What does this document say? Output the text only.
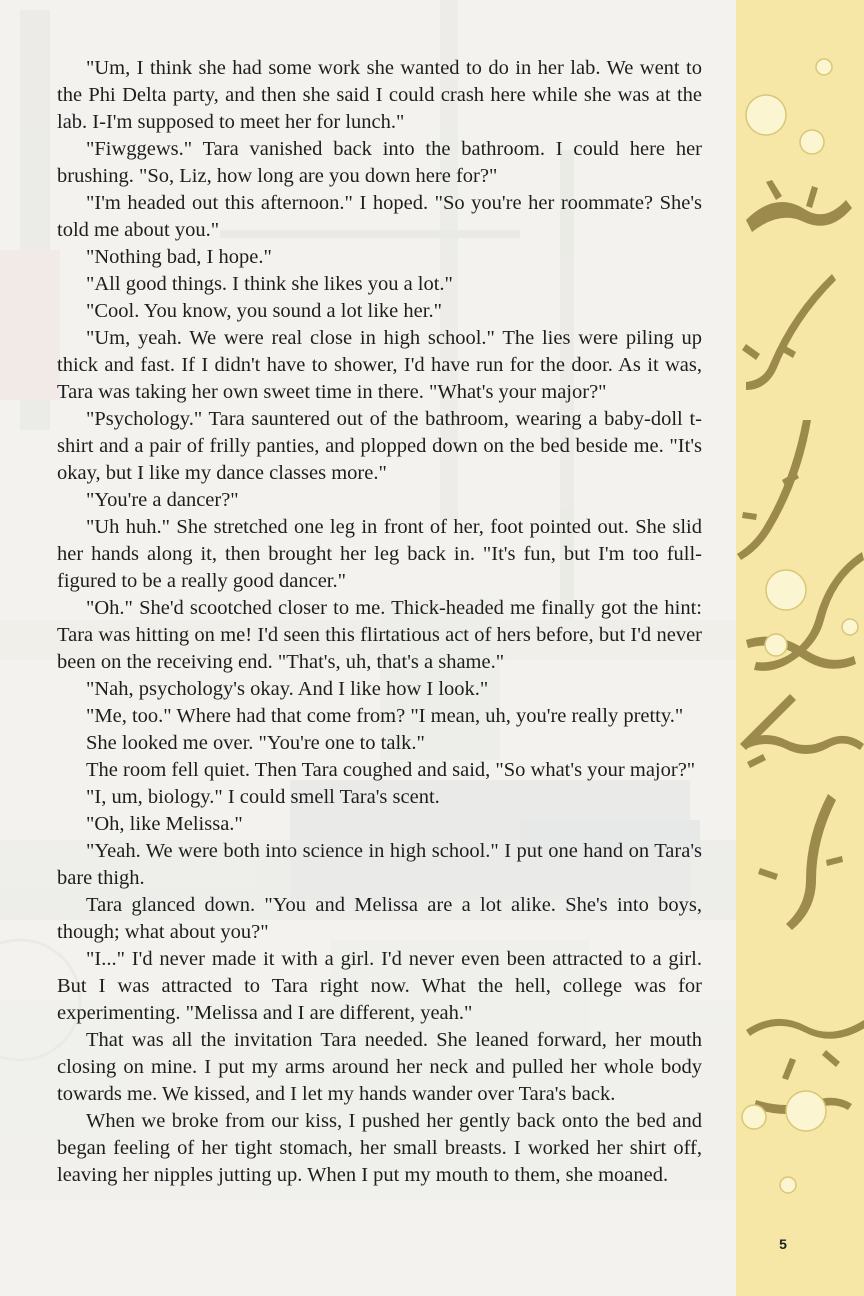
"Um, I think she had some work she wanted to do in her lab. We went to the Phi Delta party, and then she said I could crash here while she was at the lab. I-I'm supposed to meet her for lunch."

"Fiwggews." Tara vanished back into the bathroom. I could here her brushing. "So, Liz, how long are you down here for?"

"I'm headed out this afternoon." I hoped. "So you're her roommate? She's told me about you."

"Nothing bad, I hope."

"All good things. I think she likes you a lot."

"Cool. You know, you sound a lot like her."

"Um, yeah. We were real close in high school." The lies were piling up thick and fast. If I didn't have to shower, I'd have run for the door. As it was, Tara was taking her own sweet time in there. "What's your major?"

"Psychology." Tara sauntered out of the bathroom, wearing a baby-doll t-shirt and a pair of frilly panties, and plopped down on the bed beside me. "It's okay, but I like my dance classes more."

"You're a dancer?"

"Uh huh." She stretched one leg in front of her, foot pointed out. She slid her hands along it, then brought her leg back in. "It's fun, but I'm too full-figured to be a really good dancer."

"Oh." She'd scootched closer to me. Thick-headed me finally got the hint: Tara was hitting on me! I'd seen this flirtatious act of hers before, but I'd never been on the receiving end. "That's, uh, that's a shame."

"Nah, psychology's okay. And I like how I look."

"Me, too." Where had that come from? "I mean, uh, you're really pretty."

She looked me over. "You're one to talk."

The room fell quiet. Then Tara coughed and said, "So what's your major?"

"I, um, biology." I could smell Tara's scent.

"Oh, like Melissa."

"Yeah. We were both into science in high school." I put one hand on Tara's bare thigh.

Tara glanced down. "You and Melissa are a lot alike. She's into boys, though; what about you?"

"I..." I'd never made it with a girl. I'd never even been attracted to a girl. But I was attracted to Tara right now. What the hell, college was for experimenting. "Melissa and I are different, yeah."

That was all the invitation Tara needed. She leaned forward, her mouth closing on mine. I put my arms around her neck and pulled her whole body towards me. We kissed, and I let my hands wander over Tara's back.

When we broke from our kiss, I pushed her gently back onto the bed and began feeling of her tight stomach, her small breasts. I worked her shirt off, leaving her nipples jutting up. When I put my mouth to them, she moaned.

5
